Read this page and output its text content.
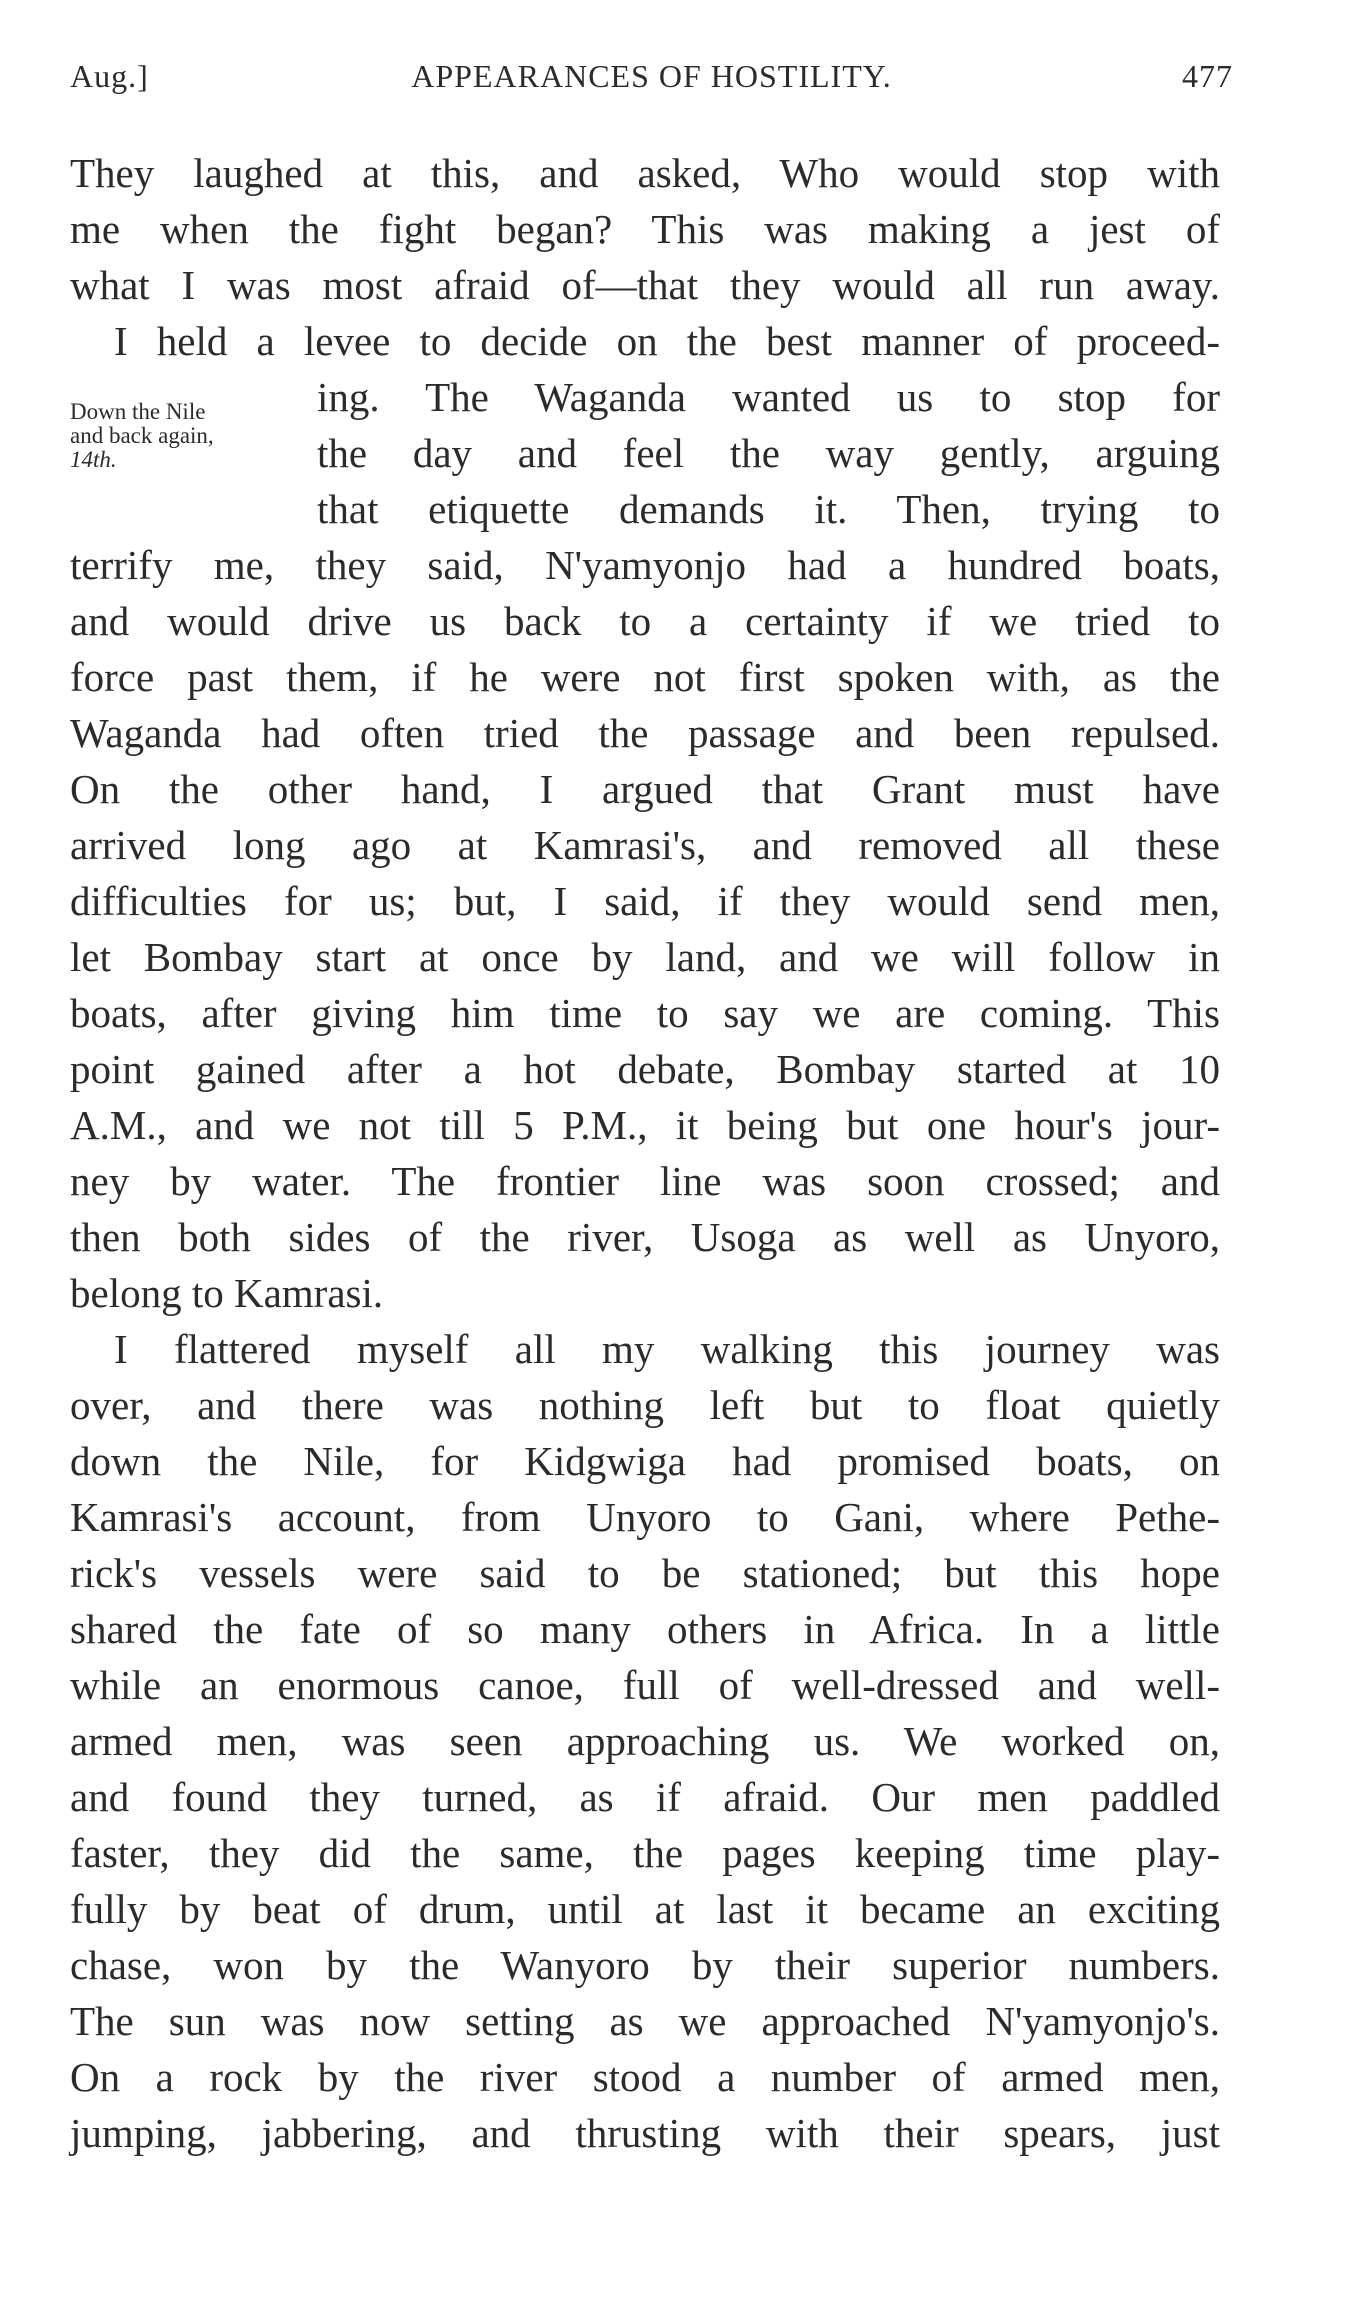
Aug.]	APPEARANCES OF HOSTILITY.	477
Down the Nile
and back again,
14th.
They laughed at this, and asked, Who would stop with
me when the fight began? This was making a jest of
what I was most afraid of—that they would all run away.
I held a levee to decide on the best manner of proceed-
ing. The Waganda wanted us to stop for
the day and feel the way gently, arguing
that etiquette demands it. Then, trying to
terrify me, they said, N'yamyonjo had a hundred boats,
and would drive us back to a certainty if we tried to
force past them, if he were not first spoken with, as the
Waganda had often tried the passage and been repulsed.
On the other hand, I argued that Grant must have
arrived long ago at Kamrasi's, and removed all these
difficulties for us; but, I said, if they would send men,
let Bombay start at once by land, and we will follow in
boats, after giving him time to say we are coming. This
point gained after a hot debate, Bombay started at 10
A.M., and we not till 5 P.M., it being but one hour's jour-
ney by water. The frontier line was soon crossed; and
then both sides of the river, Usoga as well as Unyoro,
belong to Kamrasi.
I flattered myself all my walking this journey was
over, and there was nothing left but to float quietly
down the Nile, for Kidgwiga had promised boats, on
Kamrasi's account, from Unyoro to Gani, where Pethe-
rick's vessels were said to be stationed; but this hope
shared the fate of so many others in Africa. In a little
while an enormous canoe, full of well-dressed and well-
armed men, was seen approaching us. We worked on,
and found they turned, as if afraid. Our men paddled
faster, they did the same, the pages keeping time play-
fully by beat of drum, until at last it became an exciting
chase, won by the Wanyoro by their superior numbers.
The sun was now setting as we approached N'yamyonjo's.
On a rock by the river stood a number of armed men,
jumping, jabbering, and thrusting with their spears, just
